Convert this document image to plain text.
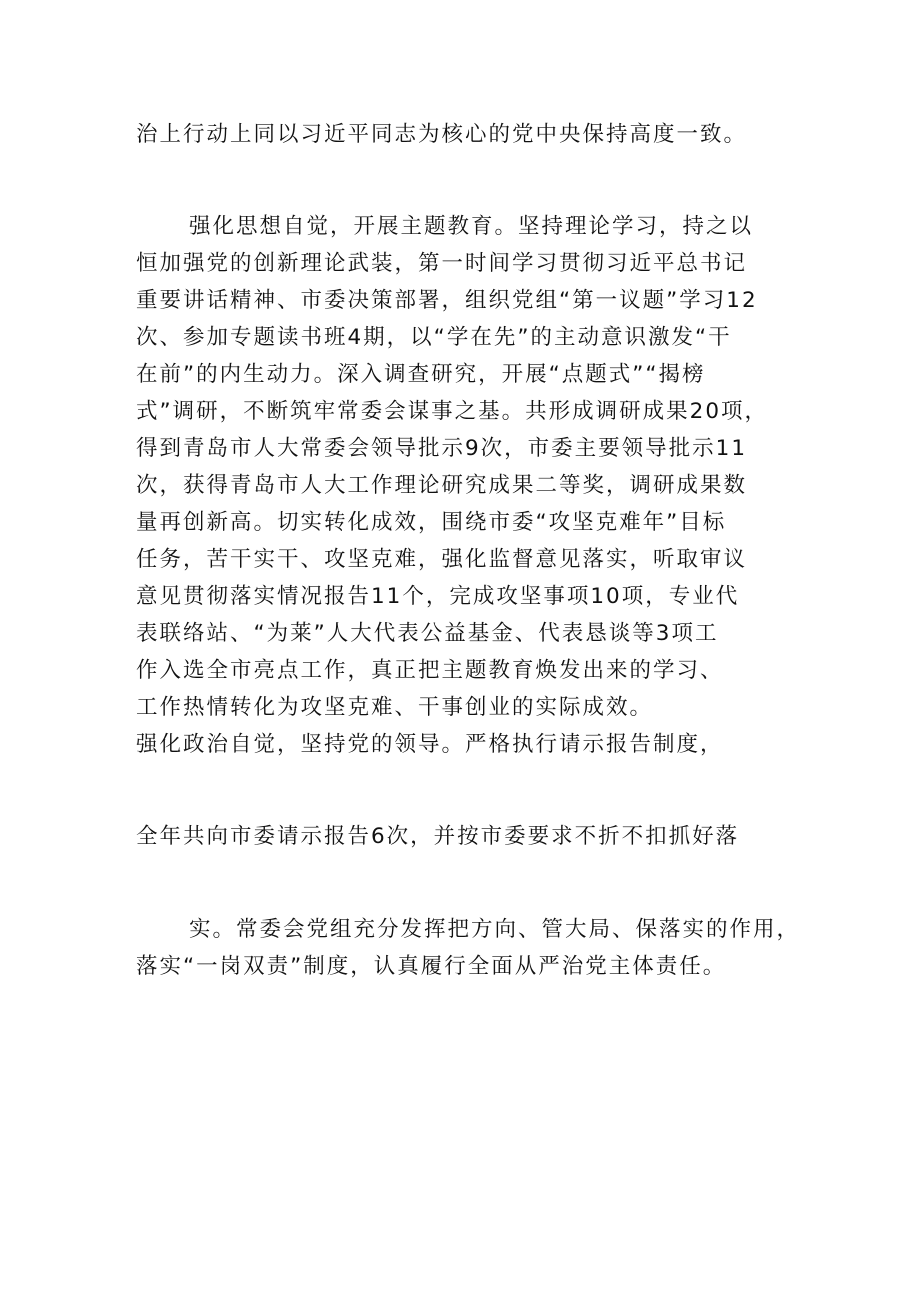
治上行动上同以习近平同志为核心的党中央保持高度一致。
强化思想自觉，开展主题教育。坚持理论学习，持之以
恒加强党的创新理论武装，第一时间学习贯彻习近平总书记
重要讲话精神、市委决策部署，组织党组“第一议题”学习12
次、参加专题读书班4期，以“学在先”的主动意识激发“干
在前”的内生动力。深入调查研究，开展“点题式”“揭榜
式”调研，不断筑牢常委会谋事之基。共形成调研成果20项，
得到青岛市人大常委会领导批示9次，市委主要领导批示11
次，获得青岛市人大工作理论研究成果二等奖，调研成果数
量再创新高。切实转化成效，围绕市委“攻坚克难年”目标
任务，苦干实干、攻坚克难，强化监督意见落实，听取审议
意见贯彻落实情况报告11个，完成攻坚事项10项，专业代
表联络站、“为莱”人大代表公益基金、代表恳谈等3项工
作入选全市亮点工作，真正把主题教育焕发出来的学习、
工作热情转化为攻坚克难、干事创业的实际成效。
强化政治自觉，坚持党的领导。严格执行请示报告制度，
全年共向市委请示报告6次，并按市委要求不折不扣抓好落
实。常委会党组充分发挥把方向、管大局、保落实的作用，
落实“一岗双责”制度，认真履行全面从严治党主体责任。
